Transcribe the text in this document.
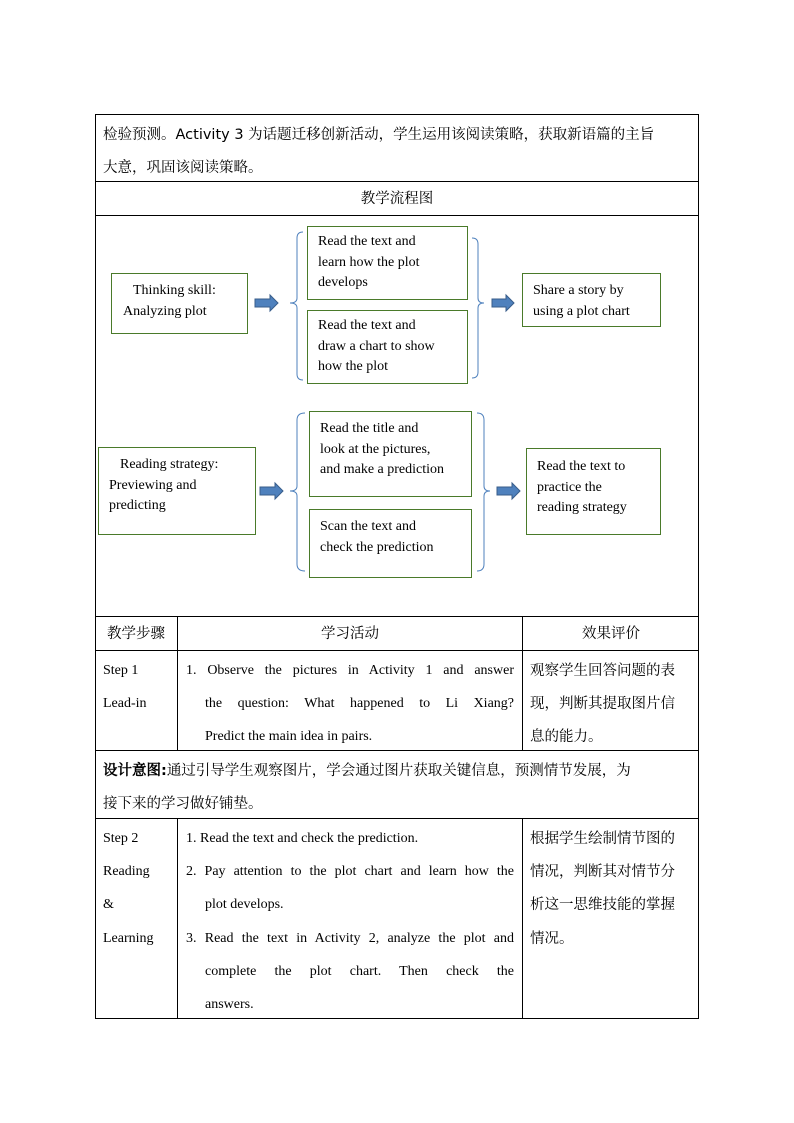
检验预测。Activity 3 为话题迁移创新活动，学生运用该阅读策略，获取新语篇的主旨
大意，巩固该阅读策略。
教学流程图
Thinking skill:
Analyzing plot
Read the text and
learn how the plot
develops
Read the text and
draw a chart to show
how the plot
Share a story by
using a plot chart
Reading strategy:
Previewing and
predicting
Read the title and
look at the pictures,
and make a prediction
Scan the text and
check the prediction
Read the text to
practice the
reading strategy
教学步骤	学习活动	效果评价
Step 1
Lead-in
1. Observe the pictures in Activity 1 and answer
the question: What happened to Li Xiang?
Predict the main idea in pairs.
观察学生回答问题的表
现，判断其提取图片信
息的能力。
设计意图:通过引导学生观察图片，学会通过图片获取关键信息，预测情节发展，为
接下来的学习做好铺垫。
Step 2
Reading
&
Learning
1. Read the text and check the prediction.
2. Pay attention to the plot chart and learn how the
plot develops.
3. Read the text in Activity 2, analyze the plot and
complete the plot chart. Then check the
answers.
根据学生绘制情节图的
情况，判断其对情节分
析这一思维技能的掌握
情况。
